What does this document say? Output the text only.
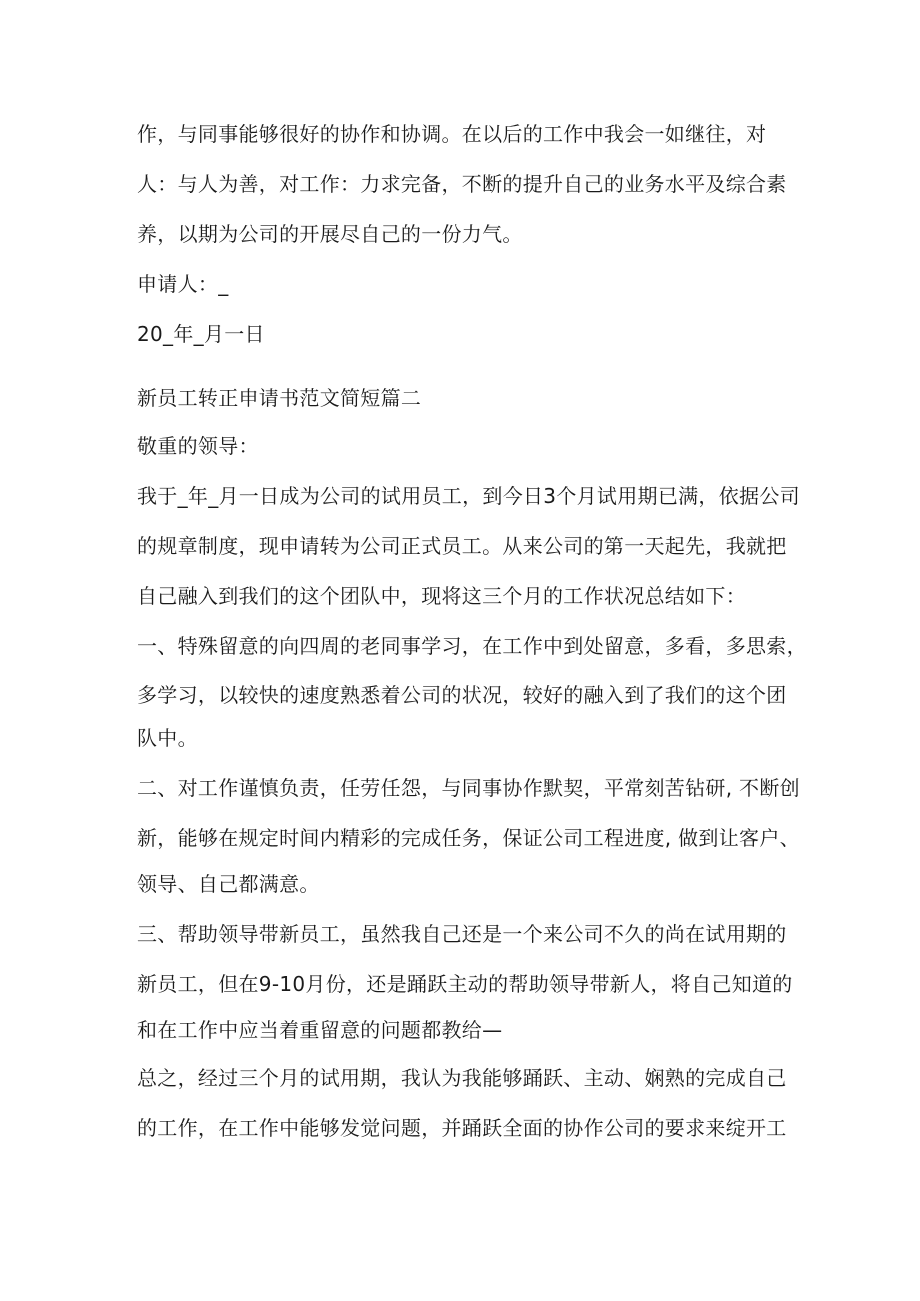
作，与同事能够很好的协作和协调。在以后的工作中我会一如继往，对
人：与人为善，对工作：力求完备，不断的提升自己的业务水平及综合素
养，以期为公司的开展尽自己的一份力气。
申请人：_
20_年_月一日
新员工转正申请书范文简短篇二
敬重的领导：
我于_年_月一日成为公司的试用员工，到今日3个月试用期已满，依据公司
的规章制度，现申请转为公司正式员工。从来公司的第一天起先，我就把
自己融入到我们的这个团队中，现将这三个月的工作状况总结如下：
一、特殊留意的向四周的老同事学习，在工作中到处留意，多看，多思索，
多学习，以较快的速度熟悉着公司的状况，较好的融入到了我们的这个团
队中。
二、对工作谨慎负责，任劳任怨，与同事协作默契，平常刻苦钻研, 不断创
新，能够在规定时间内精彩的完成任务，保证公司工程进度, 做到让客户、
领导、自己都满意。
三、帮助领导带新员工，虽然我自己还是一个来公司不久的尚在试用期的
新员工，但在9-10月份，还是踊跃主动的帮助领导带新人，将自己知道的
和在工作中应当着重留意的问题都教给—
总之，经过三个月的试用期，我认为我能够踊跃、主动、娴熟的完成自己
的工作，在工作中能够发觉问题，并踊跃全面的协作公司的要求来绽开工
